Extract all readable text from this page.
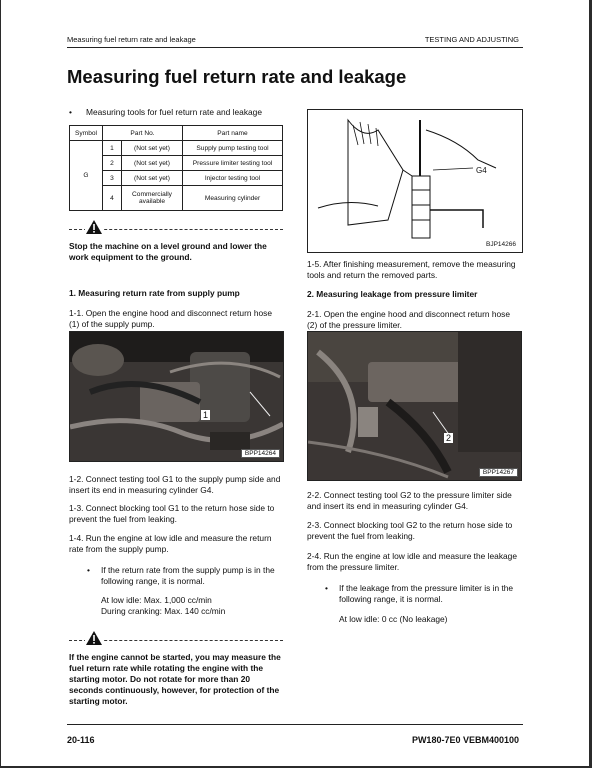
Measuring fuel return rate and leakage	TESTING AND ADJUSTING
Measuring fuel return rate and leakage
• Measuring tools for fuel return rate and leakage
Symbol	Part No.		Part name
G	1	(Not set yet)	Supply pump testing tool
	2	(Not set yet)	Pressure limiter testing tool
	3	(Not set yet)	Injector testing tool
	4	Commercially available	Measuring cylinder
Stop the machine on a level ground and lower the work equipment to the ground.
1. Measuring return rate from supply pump
1-1. Open the engine hood and disconnect return hose (1) of the supply pump.
1
BPP14264
1-2. Connect testing tool G1 to the supply pump side and insert its end in measuring cylinder G4.
1-3. Connect blocking tool G1 to the return hose side to prevent the fuel from leaking.
1-4. Run the engine at low idle and measure the return rate from the supply pump.
• If the return rate from the supply pump is in the following range, it is normal.
At low idle: Max. 1,000 cc/min
During cranking: Max. 140 cc/min
If the engine cannot be started, you may measure the fuel return rate while rotating the engine with the starting motor. Do not rotate for more than 20 seconds continuously, however, for protection of the starting motor.
G4
BJP14266
1-5. After finishing measurement, remove the measuring tools and return the removed parts.
2. Measuring leakage from pressure limiter
2-1. Open the engine hood and disconnect return hose (2) of the pressure limiter.
2
BPP14267
2-2. Connect testing tool G2 to the pressure limiter side and insert its end in measuring cylinder G4.
2-3. Connect blocking tool G2 to the return hose side to prevent the fuel from leaking.
2-4. Run the engine at low idle and measure the leakage from the pressure limiter.
• If the leakage from the pressure limiter is in the following range, it is normal.
At low idle: 0 cc (No leakage)
20-116	PW180-7E0 VEBM400100
